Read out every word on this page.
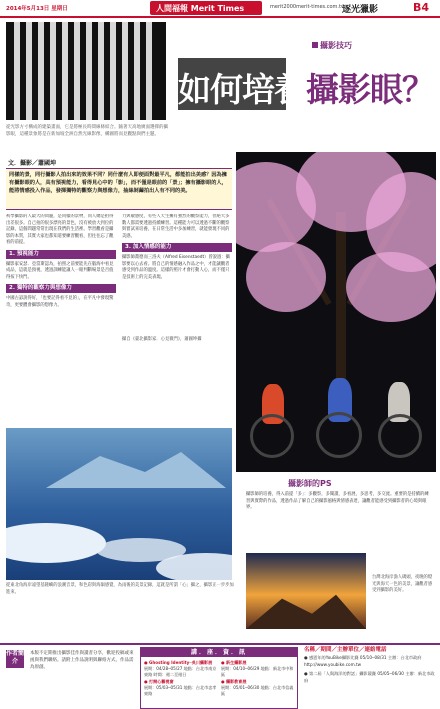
2014年5月13日 星期日	人間福報 Merit Times	merit2000merit-times.com.tw
逐光獵影	B4
從光影方寸構成的建築畫面，它是將極長時間線條結合。隨著天高地廣面選擇的攝影眼，這種景象將是在新加坡全洲自然光線影像，構圖將而見觀點與們主題。
攝影技巧
如何培養攝影眼？
文．攝影／蕭國坤
同樣的景，同行攝影人拍出來的效果不同？同什麼有人即便面對最平凡，都能拍出美感？因為擁有攝影眼的人，具有預視能力，看得見心中的「影」，而不僅是眼前的「景」；擁有攝影眼的人，能將情感投入作品，發揮獨特的觀察力與想像力，抽絲剝繭拍出人有不同的美。
初學攝影的人最大的問題，是同樣的景物，同人總是拍得出差很多。自己拍的很多漂亮的景色，沒有被放大到位的記錄，這個問題常常出現在我們的生活裡。學習觀看是攝影的本質，其實大家也都知道要練習觀看，但往往忘了觀看的前提。
1. 預視能力
攝影家安瑟．亞當斯認為，拍照之前要能先在腦海中看見成品，這就是預視，透過訓練能讓人一眼判斷場景是否值得按下快門。
2. 獨特的觀察力與想像力
中國古諺說得好，「也要記得看不見的」，在平凡中發現驚奇，更要體會攝影的想像力。
力與敏感度，有些人天生擁有強烈的觀察能力，但絕大多數人都需要透過持續練習。這種能力可以透過不斷的觀察與嘗試來培養，在日常生活中多加練習，就能發現不同的美感。
3. 加入情感的能力
攝影師喬德而三洛夫（Alfred Eisenstaedt）曾說過：攝影要以心去看。將自己的情感融入作品之中，才能讓觀者感受到作品的溫度。這樣的照片才會打動人心，而不僅只是技術上的完美表現。
攝自《臺北攝影家．心見微門》，蕭國坤攝
從東北角海岸遠望基隆嶼的浪潮音景，和色彩與海韻感覺，為雨後的美景記錄，這就是所謂「心」攝之，攝影正一步步加進來。
攝影師的PS
攝影師的培養，得入前提「多」：多觀察，多閱讀，多看展，多思考，多交流。重要的是持續的練習與實際的作品，透過作品了解自己的攝影風格與情感表達，讓觀者能感受到攝影者的心境與眼界。
台灣北海岸漁人碼頭，夜晚的燈光與海天一色的美景，讓觀者感受到攝影的美好。
作者簡介
本版不定期推出攝影佳作與讀者分享，歡迎投稿或來函與我們聯絡。請附上作品說明與聯絡方式，作品需為原創。
講．座．資．訊
● Ghosting Identity─吳川攝影展
展期：04/28─05/27 地點：台北市南京東路 時間：週二至週日
● 打開心藝視窗
展期：05/03─05/31 地點：台北市忠孝東路
● 新生攝影展
展期：04/10─06/29 地點：新北市中和區
● 攝影教育展
展期：05/01─06/30 地點：台北市信義區
名稱／期間／主辦單位／連絡電話
● 感恩年的YouBike攝影比賽 05/10─08/31 主辦：台北市政府 http://www.youbike.com.tw
● 第二屆「人與海洋的對話」攝影競賽 05/05─06/30 主辦：新北市政府
